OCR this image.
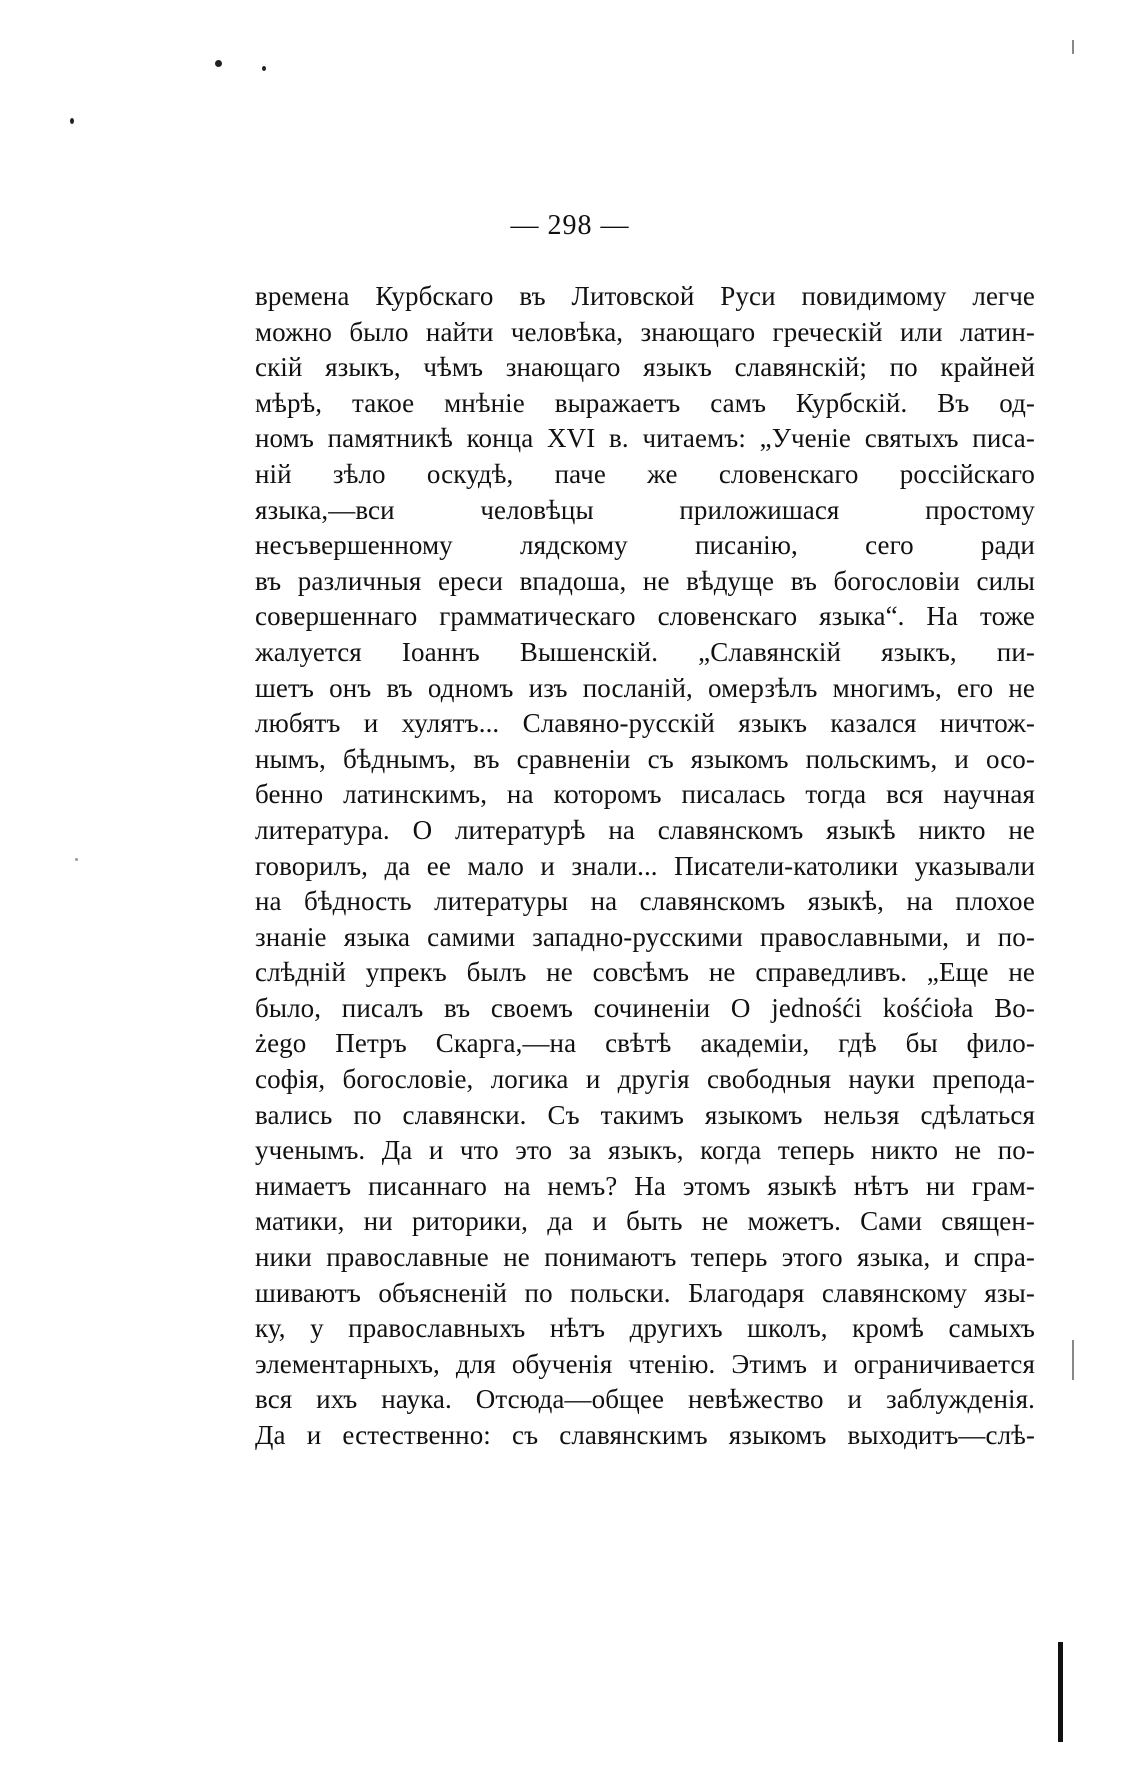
— 298 —
времена Курбскаго въ Литовской Руси повидимому легче
можно было найти человѣка, знающаго греческій или латин-
скій языкъ, чѣмъ знающаго языкъ славянскій; по крайней
мѣрѣ, такое мнѣніе выражаетъ самъ Курбскій. Въ од-
номъ памятникѣ конца XVI в. читаемъ: „Ученіе святыхъ писа-
ній зѣло оскудѣ, паче же словенскаго россійскаго
языка,—вси человѣцы приложишася простому
несъвершенному лядскому писанію, сего ради
въ различныя ереси впадоша, не вѣдуще въ богословіи силы
совершеннаго грамматическаго словенскаго языка“. На тоже
жалуется Іоаннъ Вышенскій. „Славянскій языкъ, пи-
шетъ онъ въ одномъ изъ посланій, омерзѣлъ многимъ, его не
любятъ и хулятъ... Славяно-русскій языкъ казался ничтож-
нымъ, бѣднымъ, въ сравненіи съ языкомъ польскимъ, и осо-
бенно латинскимъ, на которомъ писалась тогда вся научная
литература. О литературѣ на славянскомъ языкѣ никто не
говорилъ, да ее мало и знали... Писатели-католики указывали
на бѣдность литературы на славянскомъ языкѣ, на плохое
знаніе языка самими западно-русскими православными, и по-
слѣдній упрекъ былъ не совсѣмъ не справедливъ. „Еще не
было, писалъ въ своемъ сочиненіи O jednośći kośćioła Bo-
żego Петръ Скарга,—на свѣтѣ академіи, гдѣ бы фило-
софія, богословіе, логика и другія свободныя науки препода-
вались по славянски. Съ такимъ языкомъ нельзя сдѣлаться
ученымъ. Да и что это за языкъ, когда теперь никто не по-
нимаетъ писаннаго на немъ? На этомъ языкѣ нѣтъ ни грам-
матики, ни риторики, да и быть не можетъ. Сами священ-
ники православные не понимаютъ теперь этого языка, и спра-
шиваютъ объясненій по польски. Благодаря славянскому язы-
ку, у православныхъ нѣтъ другихъ школъ, кромѣ самыхъ
элементарныхъ, для обученія чтенію. Этимъ и ограничивается
вся ихъ наука. Отсюда—общее невѣжество и заблужденія.
Да и естественно: съ славянскимъ языкомъ выходитъ—слѣ-
